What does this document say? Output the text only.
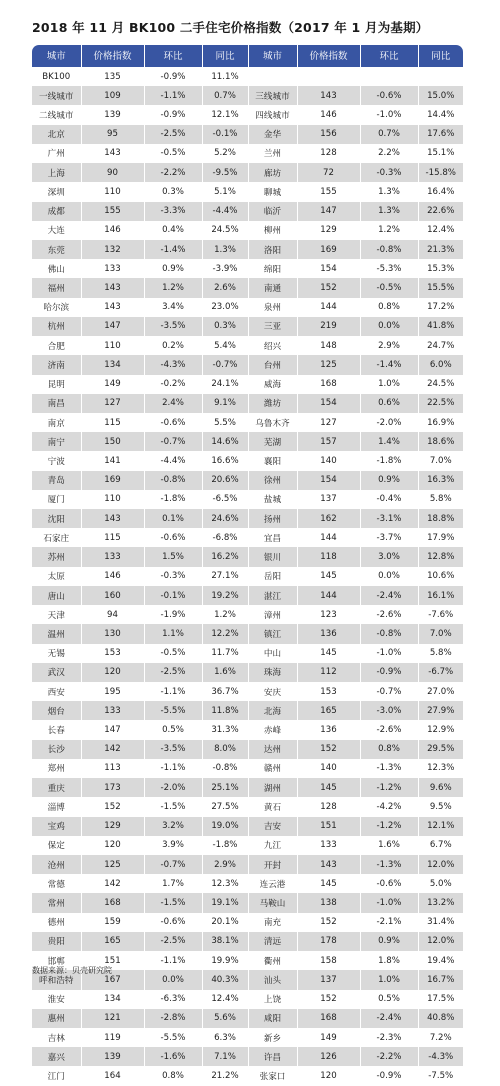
2018 年 11 月 BK100 二手住宅价格指数（2017 年 1 月为基期）
城市	价格指数	环比	同比	城市	价格指数	环比	同比
BK100	135	-0.9%	11.1%				
一线城市	109	-1.1%	0.7%	三线城市	143	-0.6%	15.0%
二线城市	139	-0.9%	12.1%	四线城市	146	-1.0%	14.4%
北京	95	-2.5%	-0.1%	金华	156	0.7%	17.6%
广州	143	-0.5%	5.2%	兰州	128	2.2%	15.1%
上海	90	-2.2%	-9.5%	廊坊	72	-0.3%	-15.8%
深圳	110	0.3%	5.1%	聊城	155	1.3%	16.4%
成都	155	-3.3%	-4.4%	临沂	147	1.3%	22.6%
大连	146	0.4%	24.5%	柳州	129	1.2%	12.4%
东莞	132	-1.4%	1.3%	洛阳	169	-0.8%	21.3%
佛山	133	0.9%	-3.9%	绵阳	154	-5.3%	15.3%
福州	143	1.2%	2.6%	南通	152	-0.5%	15.5%
哈尔滨	143	3.4%	23.0%	泉州	144	0.8%	17.2%
杭州	147	-3.5%	0.3%	三亚	219	0.0%	41.8%
合肥	110	0.2%	5.4%	绍兴	148	2.9%	24.7%
济南	134	-4.3%	-0.7%	台州	125	-1.4%	6.0%
昆明	149	-0.2%	24.1%	威海	168	1.0%	24.5%
南昌	127	2.4%	9.1%	潍坊	154	0.6%	22.5%
南京	115	-0.6%	5.5%	乌鲁木齐	127	-2.0%	16.9%
南宁	150	-0.7%	14.6%	芜湖	157	1.4%	18.6%
宁波	141	-4.4%	16.6%	襄阳	140	-1.8%	7.0%
青岛	169	-0.8%	20.6%	徐州	154	0.9%	16.3%
厦门	110	-1.8%	-6.5%	盐城	137	-0.4%	5.8%
沈阳	143	0.1%	24.6%	扬州	162	-3.1%	18.8%
石家庄	115	-0.6%	-6.8%	宜昌	144	-3.7%	17.9%
苏州	133	1.5%	16.2%	银川	118	3.0%	12.8%
太原	146	-0.3%	27.1%	岳阳	145	0.0%	10.6%
唐山	160	-0.1%	19.2%	湛江	144	-2.4%	16.1%
天津	94	-1.9%	1.2%	漳州	123	-2.6%	-7.6%
温州	130	1.1%	12.2%	镇江	136	-0.8%	7.0%
无锡	153	-0.5%	11.7%	中山	145	-1.0%	5.8%
武汉	120	-2.5%	1.6%	珠海	112	-0.9%	-6.7%
西安	195	-1.1%	36.7%	安庆	153	-0.7%	27.0%
烟台	133	-5.5%	11.8%	北海	165	-3.0%	27.9%
长春	147	0.5%	31.3%	赤峰	136	-2.6%	12.9%
长沙	142	-3.5%	8.0%	达州	152	0.8%	29.5%
郑州	113	-1.1%	-0.8%	赣州	140	-1.3%	12.3%
重庆	173	-2.0%	25.1%	湖州	145	-1.2%	9.6%
淄博	152	-1.5%	27.5%	黄石	128	-4.2%	9.5%
宝鸡	129	3.2%	19.0%	吉安	151	-1.2%	12.1%
保定	120	3.9%	-1.8%	九江	133	1.6%	6.7%
沧州	125	-0.7%	2.9%	开封	143	-1.3%	12.0%
常德	142	1.7%	12.3%	连云港	145	-0.6%	5.0%
常州	168	-1.5%	19.1%	马鞍山	138	-1.0%	13.2%
德州	159	-0.6%	20.1%	南充	152	-2.1%	31.4%
贵阳	165	-2.5%	38.1%	清远	178	0.9%	12.0%
邯郸	151	-1.1%	19.9%	衢州	158	1.8%	19.4%
呼和浩特	167	0.0%	40.3%	汕头	137	1.0%	16.7%
淮安	134	-6.3%	12.4%	上饶	152	0.5%	17.5%
惠州	121	-2.8%	5.6%	咸阳	168	-2.4%	40.8%
吉林	119	-5.5%	6.3%	新乡	149	-2.3%	7.2%
嘉兴	139	-1.6%	7.1%	许昌	126	-2.2%	-4.3%
江门	164	0.8%	21.2%	张家口	120	-0.9%	-7.5%
数据来源：贝壳研究院
